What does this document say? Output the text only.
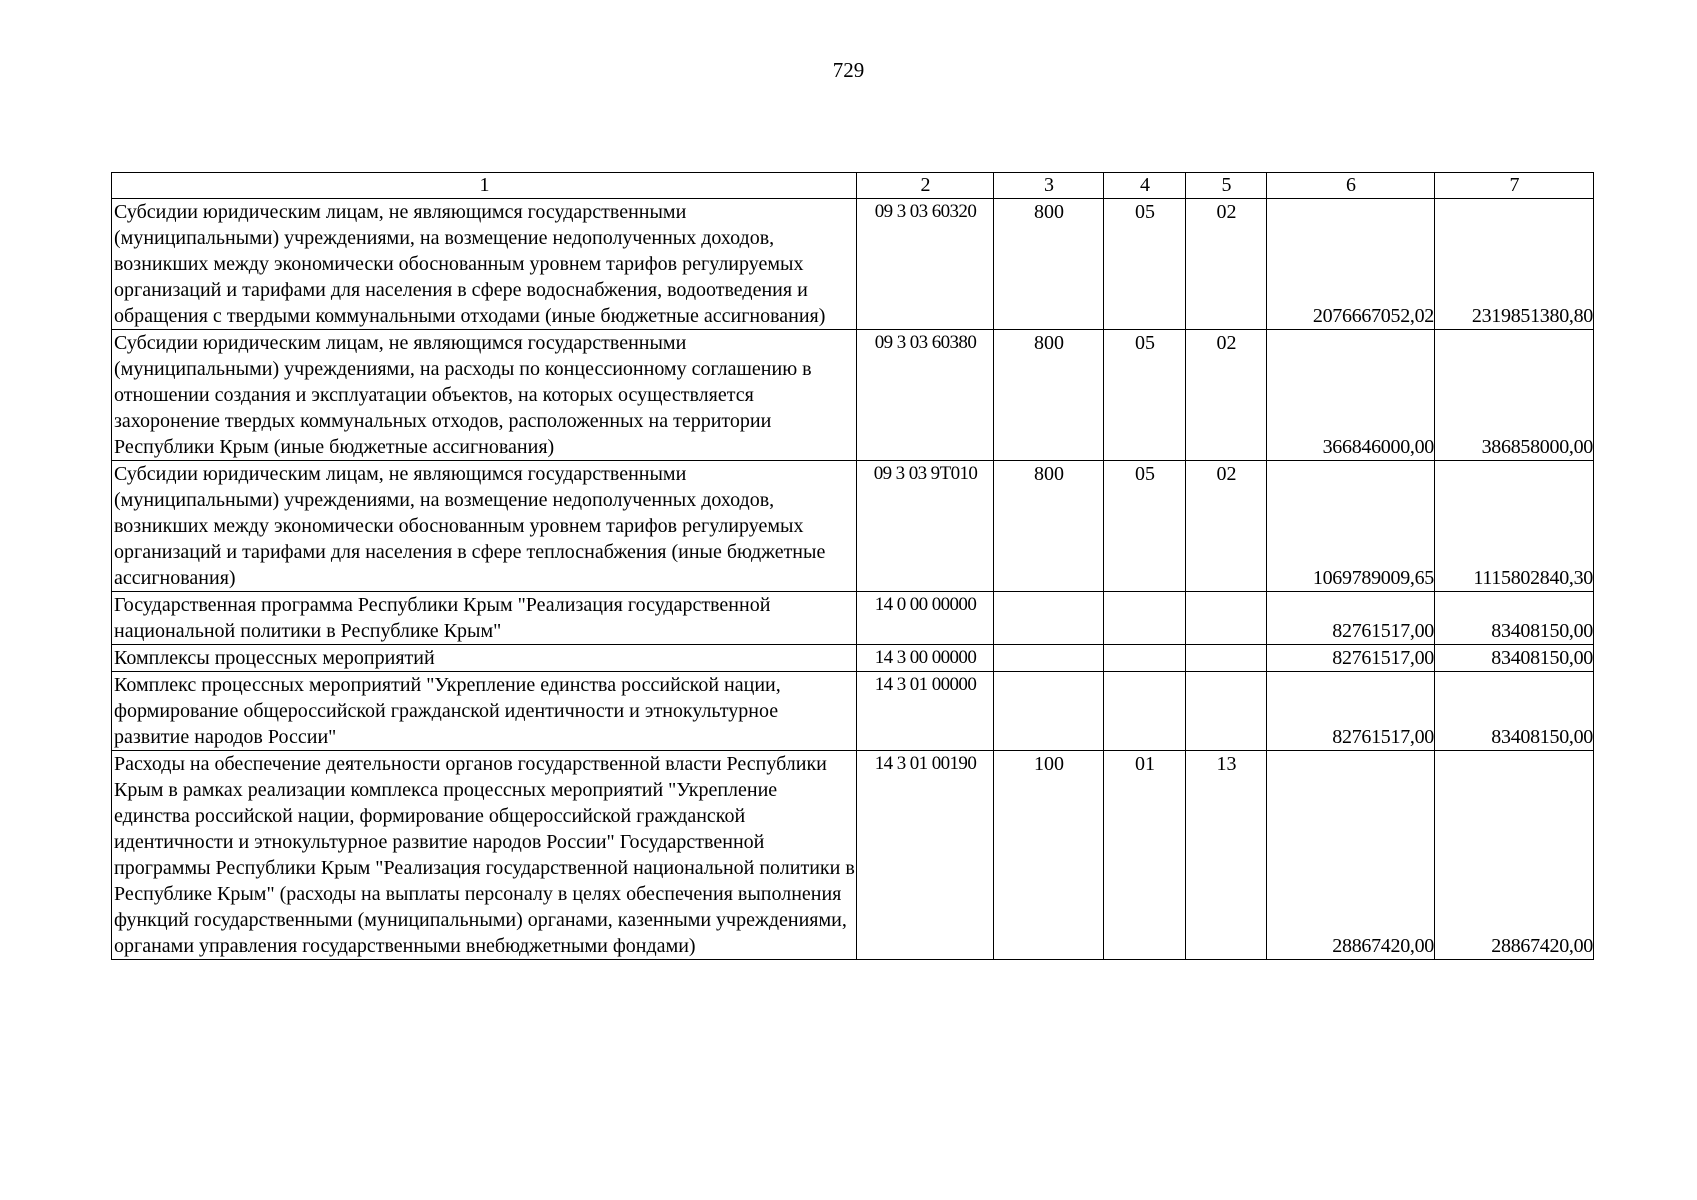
729
1	2	3	4	5	6	7
Субсидии юридическим лицам, не являющимся государственными (муниципальными) учреждениями, на возмещение недополученных доходов, возникших между экономически обоснованным уровнем тарифов регулируемых организаций и тарифами для населения в сфере водоснабжения, водоотведения и обращения с твердыми коммунальными отходами (иные бюджетные ассигнования)	09 3 03 60320	800	05	02	2076667052,02	2319851380,80
Субсидии юридическим лицам, не являющимся государственными (муниципальными) учреждениями, на расходы по концессионному соглашению в отношении создания и эксплуатации объектов, на которых осуществляется захоронение твердых коммунальных отходов, расположенных на территории Республики Крым (иные бюджетные ассигнования)	09 3 03 60380	800	05	02	366846000,00	386858000,00
Субсидии юридическим лицам, не являющимся государственными (муниципальными) учреждениями, на возмещение недополученных доходов, возникших между экономически обоснованным уровнем тарифов регулируемых организаций и тарифами для населения в сфере теплоснабжения (иные бюджетные ассигнования)	09 3 03 9Т010	800	05	02	1069789009,65	1115802840,30
Государственная программа Республики Крым "Реализация государственной национальной политики в Республике Крым"	14 0 00 00000				82761517,00	83408150,00
Комплексы процессных мероприятий	14 3 00 00000				82761517,00	83408150,00
Комплекс процессных мероприятий "Укрепление единства российской нации, формирование общероссийской гражданской идентичности и этнокультурное развитие народов России"	14 3 01 00000				82761517,00	83408150,00
Расходы на обеспечение деятельности органов государственной власти Республики Крым в рамках реализации комплекса процессных мероприятий "Укрепление единства российской нации, формирование общероссийской гражданской идентичности и этнокультурное развитие народов России" Государственной программы Республики Крым "Реализация государственной национальной политики в Республике Крым" (расходы на выплаты персоналу в целях обеспечения выполнения функций государственными (муниципальными) органами, казенными учреждениями, органами управления государственными внебюджетными фондами)	14 3 01 00190	100	01	13	28867420,00	28867420,00
